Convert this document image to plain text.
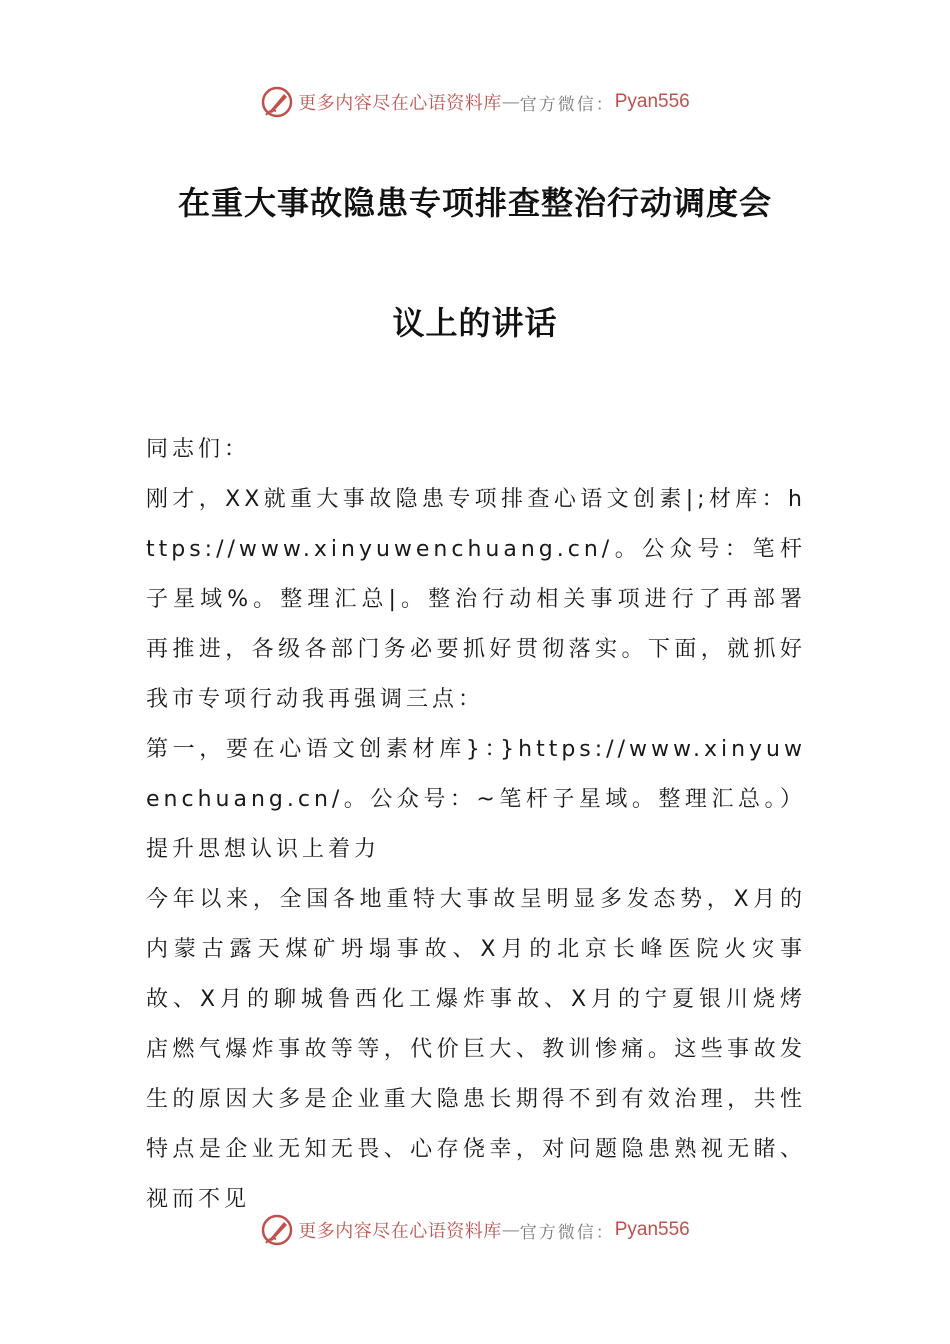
更多内容尽在心语资料库 — 官方微信： Pyan556
在重大事故隐患专项排查整治行动调度会
议上的讲话

同志们：

刚才，XX就重大事故隐患专项排查心语文创素|;材库：https://www.xinyuwenchuang.cn/。公众号：笔杆子星域%。整理汇总|。整治行动相关事项进行了再部署再推进，各级各部门务必要抓好贯彻落实。下面，就抓好我市专项行动我再强调三点：

第一，要在心语文创素材库}：}https://www.xinyuwenchuang.cn/。公众号：~笔杆子星域。整理汇总。）提升思想认识上着力

今年以来，全国各地重特大事故呈明显多发态势，X月的内蒙古露天煤矿坍塌事故、X月的北京长峰医院火灾事故、X月的聊城鲁西化工爆炸事故、X月的宁夏银川烧烤店燃气爆炸事故等等，代价巨大、教训惨痛。这些事故发生的原因大多是企业重大隐患长期得不到有效治理，共性特点是企业无知无畏、心存侥幸，对问题隐患熟视无睹、视而不见

更多内容尽在心语资料库 — 官方微信： Pyan556
